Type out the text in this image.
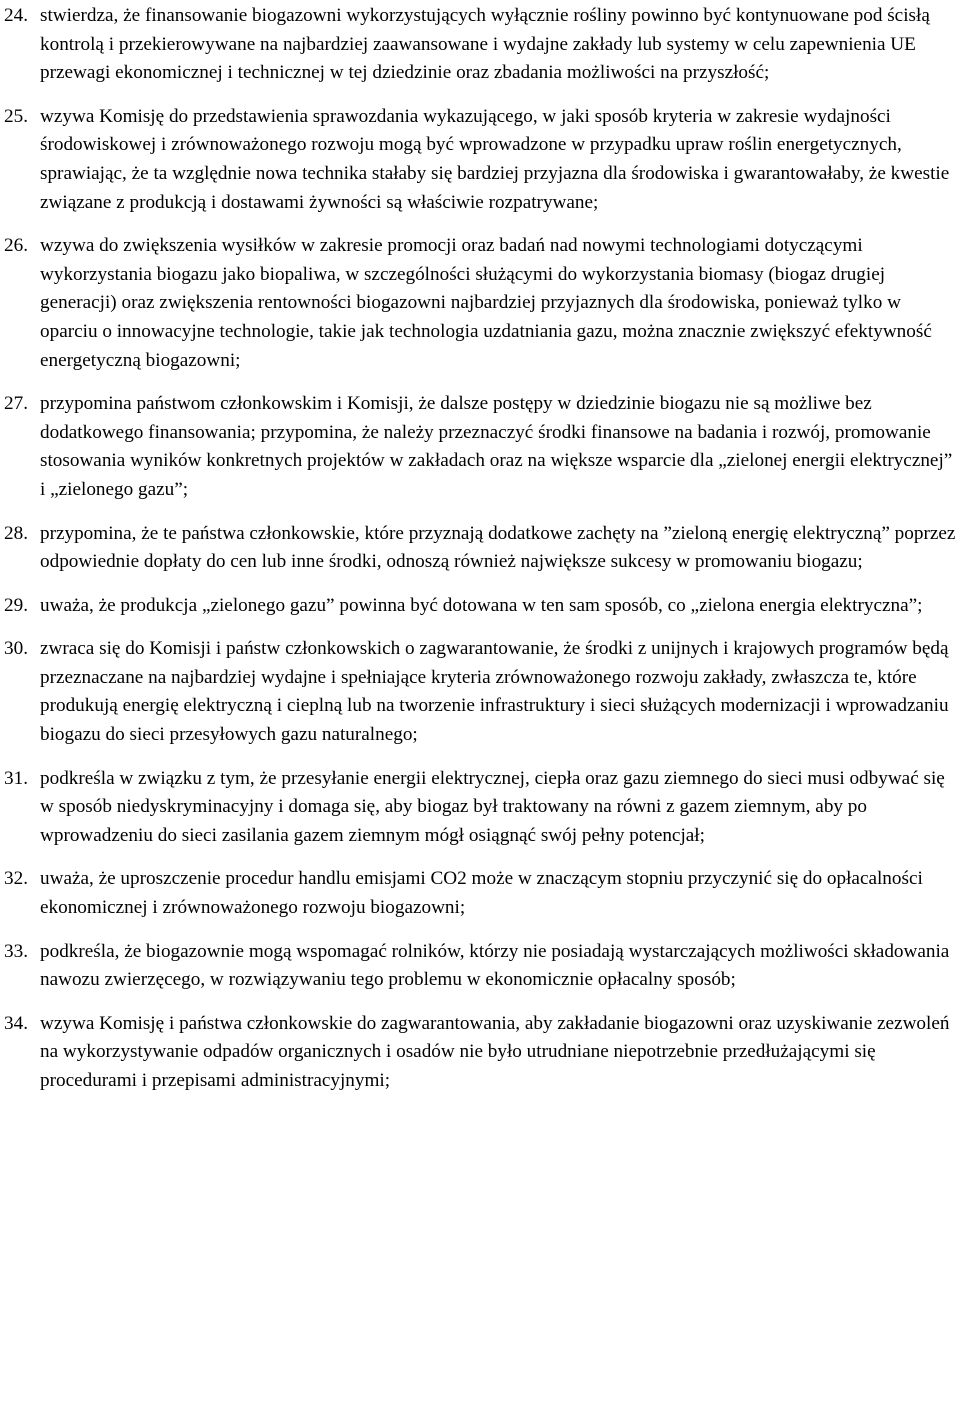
24. stwierdza, że finansowanie biogazowni wykorzystujących wyłącznie rośliny powinno być kontynuowane pod ścisłą kontrolą i przekierowywane na najbardziej zaawansowane i wydajne zakłady lub systemy w celu zapewnienia UE przewagi ekonomicznej i technicznej w tej dziedzinie oraz zbadania możliwości na przyszłość;
25. wzywa Komisję do przedstawienia sprawozdania wykazującego, w jaki sposób kryteria w zakresie wydajności środowiskowej i zrównoważonego rozwoju mogą być wprowadzone w przypadku upraw roślin energetycznych, sprawiając, że ta względnie nowa technika stałaby się bardziej przyjazna dla środowiska i gwarantowałaby, że kwestie związane z produkcją i dostawami żywności są właściwie rozpatrywane;
26. wzywa do zwiększenia wysiłków w zakresie promocji oraz badań nad nowymi technologiami dotyczącymi wykorzystania biogazu jako biopaliwa, w szczególności służącymi do wykorzystania biomasy (biogaz drugiej generacji) oraz zwiększenia rentowności biogazowni najbardziej przyjaznych dla środowiska, ponieważ tylko w oparciu o innowacyjne technologie, takie jak technologia uzdatniania gazu, można znacznie zwiększyć efektywność energetyczną biogazowni;
27. przypomina państwom członkowskim i Komisji, że dalsze postępy w dziedzinie biogazu nie są możliwe bez dodatkowego finansowania; przypomina, że należy przeznaczyć środki finansowe na badania i rozwój, promowanie stosowania wyników konkretnych projektów w zakładach oraz na większe wsparcie dla „zielonej energii elektrycznej” i „zielonego gazu”;
28. przypomina, że te państwa członkowskie, które przyznają dodatkowe zachęty na ”zieloną energię elektryczną” poprzez odpowiednie dopłaty do cen lub inne środki, odnoszą również największe sukcesy w promowaniu biogazu;
29. uważa, że produkcja „zielonego gazu” powinna być dotowana w ten sam sposób, co „zielona energia elektryczna”;
30. zwraca się do Komisji i państw członkowskich o zagwarantowanie, że środki z unijnych i krajowych programów będą przeznaczane na najbardziej wydajne i spełniające kryteria zrównoważonego rozwoju zakłady, zwłaszcza te, które produkują energię elektryczną i cieplną lub na tworzenie infrastruktury i sieci służących modernizacji i wprowadzaniu biogazu do sieci przesyłowych gazu naturalnego;
31. podkreśla w związku z tym, że przesyłanie energii elektrycznej, ciepła oraz gazu ziemnego do sieci musi odbywać się w sposób niedyskryminacyjny i domaga się, aby biogaz był traktowany na równi z gazem ziemnym, aby po wprowadzeniu do sieci zasilania gazem ziemnym mógł osiągnąć swój pełny potencjał;
32. uważa, że uproszczenie procedur handlu emisjami CO2 może w znaczącym stopniu przyczynić się do opłacalności ekonomicznej i zrównoważonego rozwoju biogazowni;
33. podkreśla, że biogazownie mogą wspomagać rolników, którzy nie posiadają wystarczających możliwości składowania nawozu zwierzęcego, w rozwiązywaniu tego problemu w ekonomicznie opłacalny sposób;
34. wzywa Komisję i państwa członkowskie do zagwarantowania, aby zakładanie biogazowni oraz uzyskiwanie zezwoleń na wykorzystywanie odpadów organicznych i osadów nie było utrudniane niepotrzebnie przedłużającymi się procedurami i przepisami administracyjnymi;
